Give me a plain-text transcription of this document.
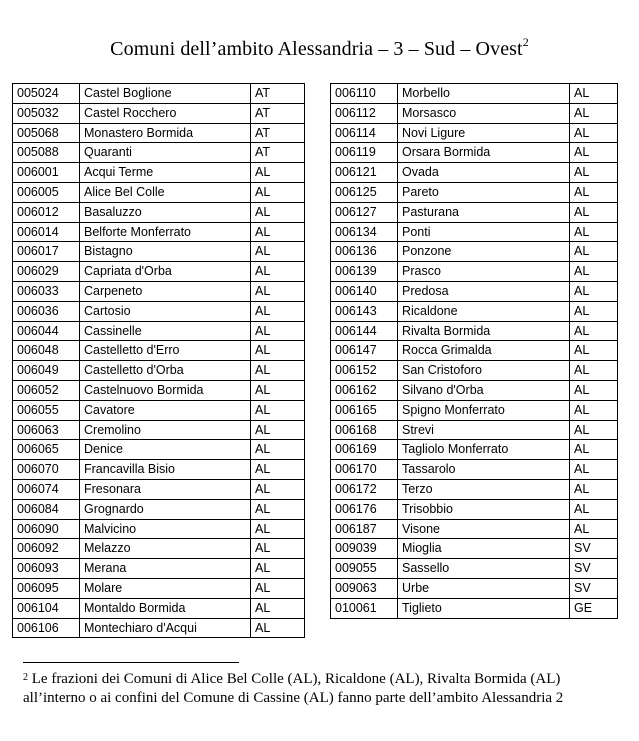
Comuni dell’ambito Alessandria – 3 – Sud – Ovest$^2$
005024	Castel Boglione	AT
005032	Castel Rocchero	AT
005068	Monastero Bormida	AT
005088	Quaranti	AT
006001	Acqui Terme	AL
006005	Alice Bel Colle	AL
006012	Basaluzzo	AL
006014	Belforte Monferrato	AL
006017	Bistagno	AL
006029	Capriata d'Orba	AL
006033	Carpeneto	AL
006036	Cartosio	AL
006044	Cassinelle	AL
006048	Castelletto d'Erro	AL
006049	Castelletto d'Orba	AL
006052	Castelnuovo Bormida	AL
006055	Cavatore	AL
006063	Cremolino	AL
006065	Denice	AL
006070	Francavilla Bisio	AL
006074	Fresonara	AL
006084	Grognardo	AL
006090	Malvicino	AL
006092	Melazzo	AL
006093	Merana	AL
006095	Molare	AL
006104	Montaldo Bormida	AL
006106	Montechiaro d'Acqui	AL
006110	Morbello	AL
006112	Morsasco	AL
006114	Novi Ligure	AL
006119	Orsara Bormida	AL
006121	Ovada	AL
006125	Pareto	AL
006127	Pasturana	AL
006134	Ponti	AL
006136	Ponzone	AL
006139	Prasco	AL
006140	Predosa	AL
006143	Ricaldone	AL
006144	Rivalta Bormida	AL
006147	Rocca Grimalda	AL
006152	San Cristoforo	AL
006162	Silvano d'Orba	AL
006165	Spigno Monferrato	AL
006168	Strevi	AL
006169	Tagliolo Monferrato	AL
006170	Tassarolo	AL
006172	Terzo	AL
006176	Trisobbio	AL
006187	Visone	AL
009039	Mioglia	SV
009055	Sassello	SV
009063	Urbe	SV
010061	Tiglieto	GE
$^2$ Le frazioni dei Comuni di Alice Bel Colle (AL), Ricaldone (AL), Rivalta Bormida (AL)
all’interno o ai confini del Comune di Cassine (AL) fanno parte dell’ambito Alessandria 2
